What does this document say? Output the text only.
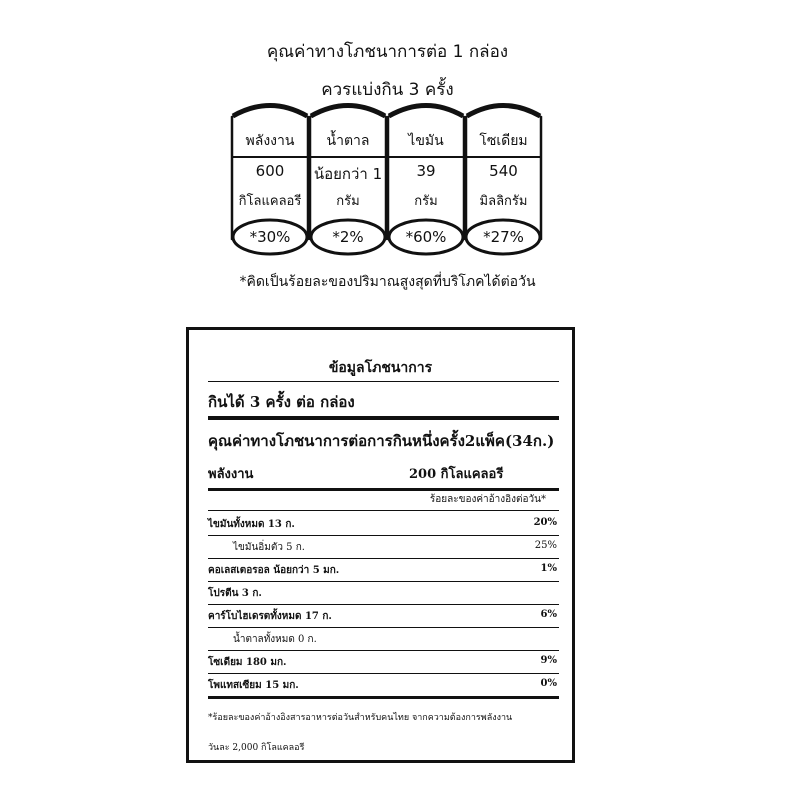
คุณค่าทางโภชนาการต่อ 1 กล่อง
ควรแบ่งกิน 3 ครั้ง
พลังงาน	น้ำตาล	ไขมัน	โซเดียม
600	น้อยกว่า 1	39	540
กิโลแคลอรี	กรัม	กรัม	มิลลิกรัม
*30%	*2%	*60%	*27%
*คิดเป็นร้อยละของปริมาณสูงสุดที่บริโภคได้ต่อวัน
ข้อมูลโภชนาการ
กินได้ 3 ครั้ง ต่อ กล่อง
คุณค่าทางโภชนาการต่อการกินหนึ่งครั้ง2แพ็ค(34ก.)
พลังงาน	200 กิโลแคลอรี
ร้อยละของค่าอ้างอิงต่อวัน*
ไขมันทั้งหมด 13 ก.	20%
ไขมันอิ่มตัว 5 ก.	25%
คอเลสเตอรอล น้อยกว่า 5 มก.	1%
โปรตีน 3 ก.
คาร์โบไฮเดรตทั้งหมด 17 ก.	6%
น้ำตาลทั้งหมด 0 ก.
โซเดียม 180 มก.	9%
โพแทสเซียม 15 มก.	0%
*ร้อยละของค่าอ้างอิงสารอาหารต่อวันสำหรับคนไทย จากความต้องการพลังงาน
วันละ 2,000 กิโลแคลอรี
